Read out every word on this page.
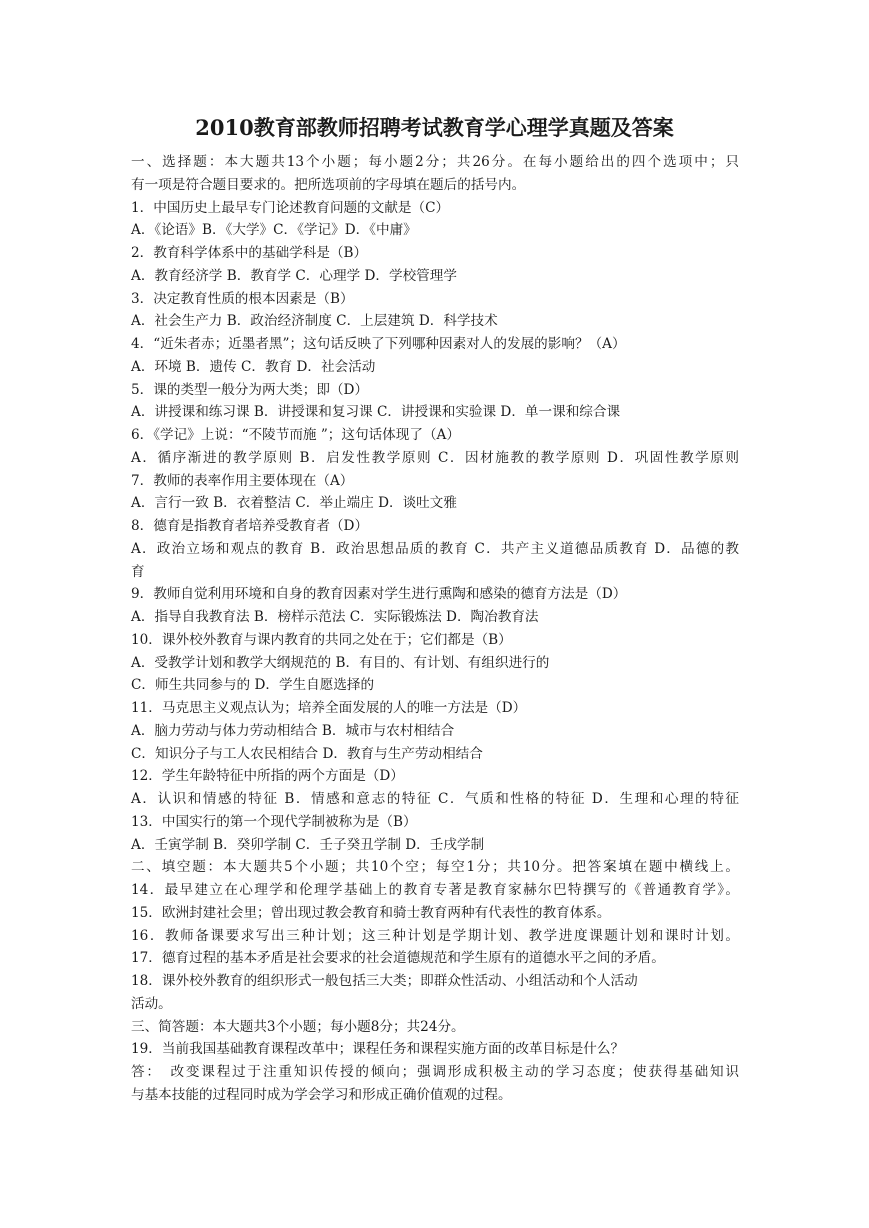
2010教育部教师招聘考试教育学心理学真题及答案
一、选择题：本大题共13个小题；每小题2分；共26分。在每小题给出的四个选项中；只
有一项是符合题目要求的。把所选项前的字母填在题后的括号内。
1．中国历史上最早专门论述教育问题的文献是（C）
A．《论语》B．《大学》C．《学记》D．《中庸》
2．教育科学体系中的基础学科是（B）
A．教育经济学 B．教育学 C．心理学 D．学校管理学
3．决定教育性质的根本因素是（B）
A．社会生产力 B．政治经济制度 C．上层建筑 D．科学技术
4．“近朱者赤；近墨者黑”；这句话反映了下列哪种因素对人的发展的影响？（A）
A．环境 B．遗传 C．教育 D．社会活动
5．课的类型一般分为两大类；即（D）
A．讲授课和练习课 B．讲授课和复习课 C．讲授课和实验课 D．单一课和综合课
6．《学记》上说：“不陵节而施 ”；这句话体现了（A）
A．循序渐进的教学原则 B．启发性教学原则 C．因材施教的教学原则 D．巩固性教学原则
7．教师的表率作用主要体现在（A）
A．言行一致 B．衣着整洁 C．举止端庄 D．谈吐文雅
8．德育是指教育者培养受教育者（D）
A．政治立场和观点的教育 B．政治思想品质的教育 C．共产主义道德品质教育 D．品德的教
育
9．教师自觉利用环境和自身的教育因素对学生进行熏陶和感染的德育方法是（D）
A．指导自我教育法 B．榜样示范法 C．实际锻炼法 D．陶冶教育法
10．课外校外教育与课内教育的共同之处在于；它们都是（B）
A．受教学计划和教学大纲规范的 B．有目的、有计划、有组织进行的
C．师生共同参与的 D．学生自愿选择的
11．马克思主义观点认为；培养全面发展的人的唯一方法是（D）
A．脑力劳动与体力劳动相结合 B．城市与农村相结合
C．知识分子与工人农民相结合 D．教育与生产劳动相结合
12．学生年龄特征中所指的两个方面是（D）
A．认识和情感的特征 B．情感和意志的特征 C．气质和性格的特征 D．生理和心理的特征
13．中国实行的第一个现代学制被称为是（B）
A．壬寅学制 B．癸卯学制 C．壬子癸丑学制 D．壬戌学制
二、填空题：本大题共5个小题；共10个空；每空1分；共10分。把答案填在题中横线上。
14．最早建立在心理学和伦理学基础上的教育专著是教育家赫尔巴特撰写的《普通教育学》。
15．欧洲封建社会里；曾出现过教会教育和骑士教育两种有代表性的教育体系。
16．教师备课要求写出三种计划；这三种计划是学期计划、教学进度课题计划和课时计划。
17．德育过程的基本矛盾是社会要求的社会道德规范和学生原有的道德水平之间的矛盾。
18．课外校外教育的组织形式一般包括三大类；即群众性活动、小组活动和个人活动
活动。
三、简答题：本大题共3个小题；每小题8分；共24分。
19．当前我国基础教育课程改革中；课程任务和课程实施方面的改革目标是什么？
答：　改变课程过于注重知识传授的倾向；强调形成积极主动的学习态度；使获得基础知识
与基本技能的过程同时成为学会学习和形成正确价值观的过程。
